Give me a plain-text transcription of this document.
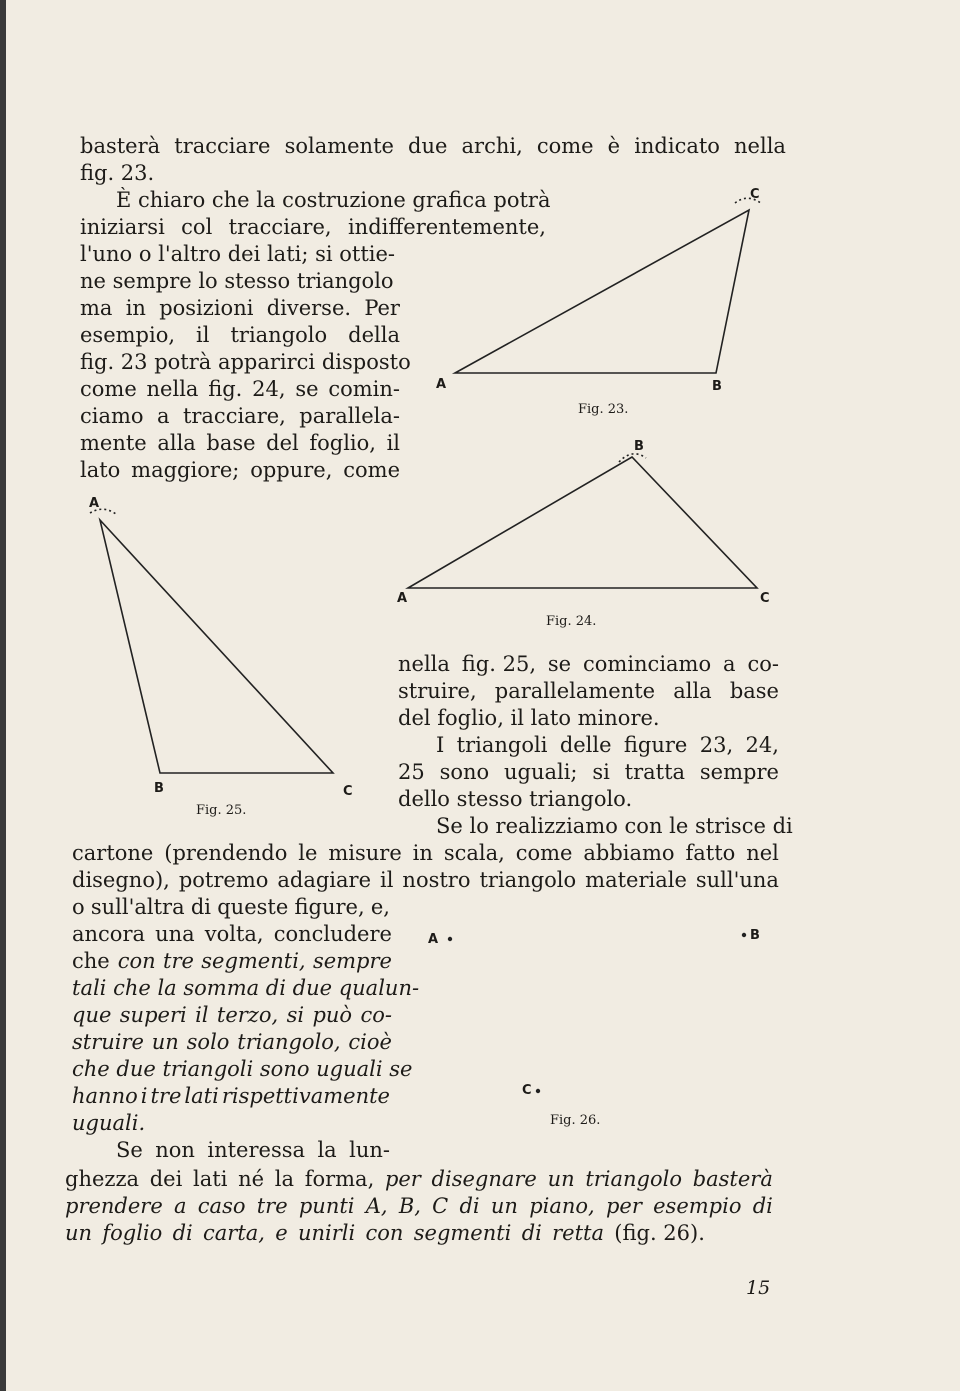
basterà tracciare solamente due archi, come è indicato nella
fig. 23.
È chiaro che la costruzione grafica potrà
iniziarsi col tracciare, indifferentemente,
l'uno o l'altro dei lati; si ottie-
ne sempre lo stesso triangolo
ma in posizioni diverse. Per
esempio, il triangolo della
fig. 23 potrà apparirci disposto
come nella fig. 24, se comin-
ciamo a tracciare, parallela-
mente alla base del foglio, il
lato maggiore; oppure, come
C
A	B
Fig. 23.
B
A	C
Fig. 24.
A
B	C
Fig. 25.
nella fig. 25, se cominciamo a co-
struire, parallelamente alla base
del foglio, il lato minore.
I triangoli delle figure 23, 24,
25 sono uguali; si tratta sempre
dello stesso triangolo.
Se lo realizziamo con le strisce di
cartone (prendendo le misure in scala, come abbiamo fatto nel
disegno), potremo adagiare il nostro triangolo materiale sull'una
o sull'altra di queste figure, e,
ancora una volta, concludere
che con tre segmenti, sempre
tali che la somma di due qualun-
que superi il terzo, si può co-
struire un solo triangolo, cioè
che due triangoli sono uguali se
hanno i tre lati rispettivamente
uguali.
Se non interessa la lun-
A	B
C
Fig. 26.
ghezza dei lati né la forma, per disegnare un triangolo basterà
prendere a caso tre punti A, B, C di un piano, per esempio di
un foglio di carta, e unirli con segmenti di retta (fig. 26).
15
